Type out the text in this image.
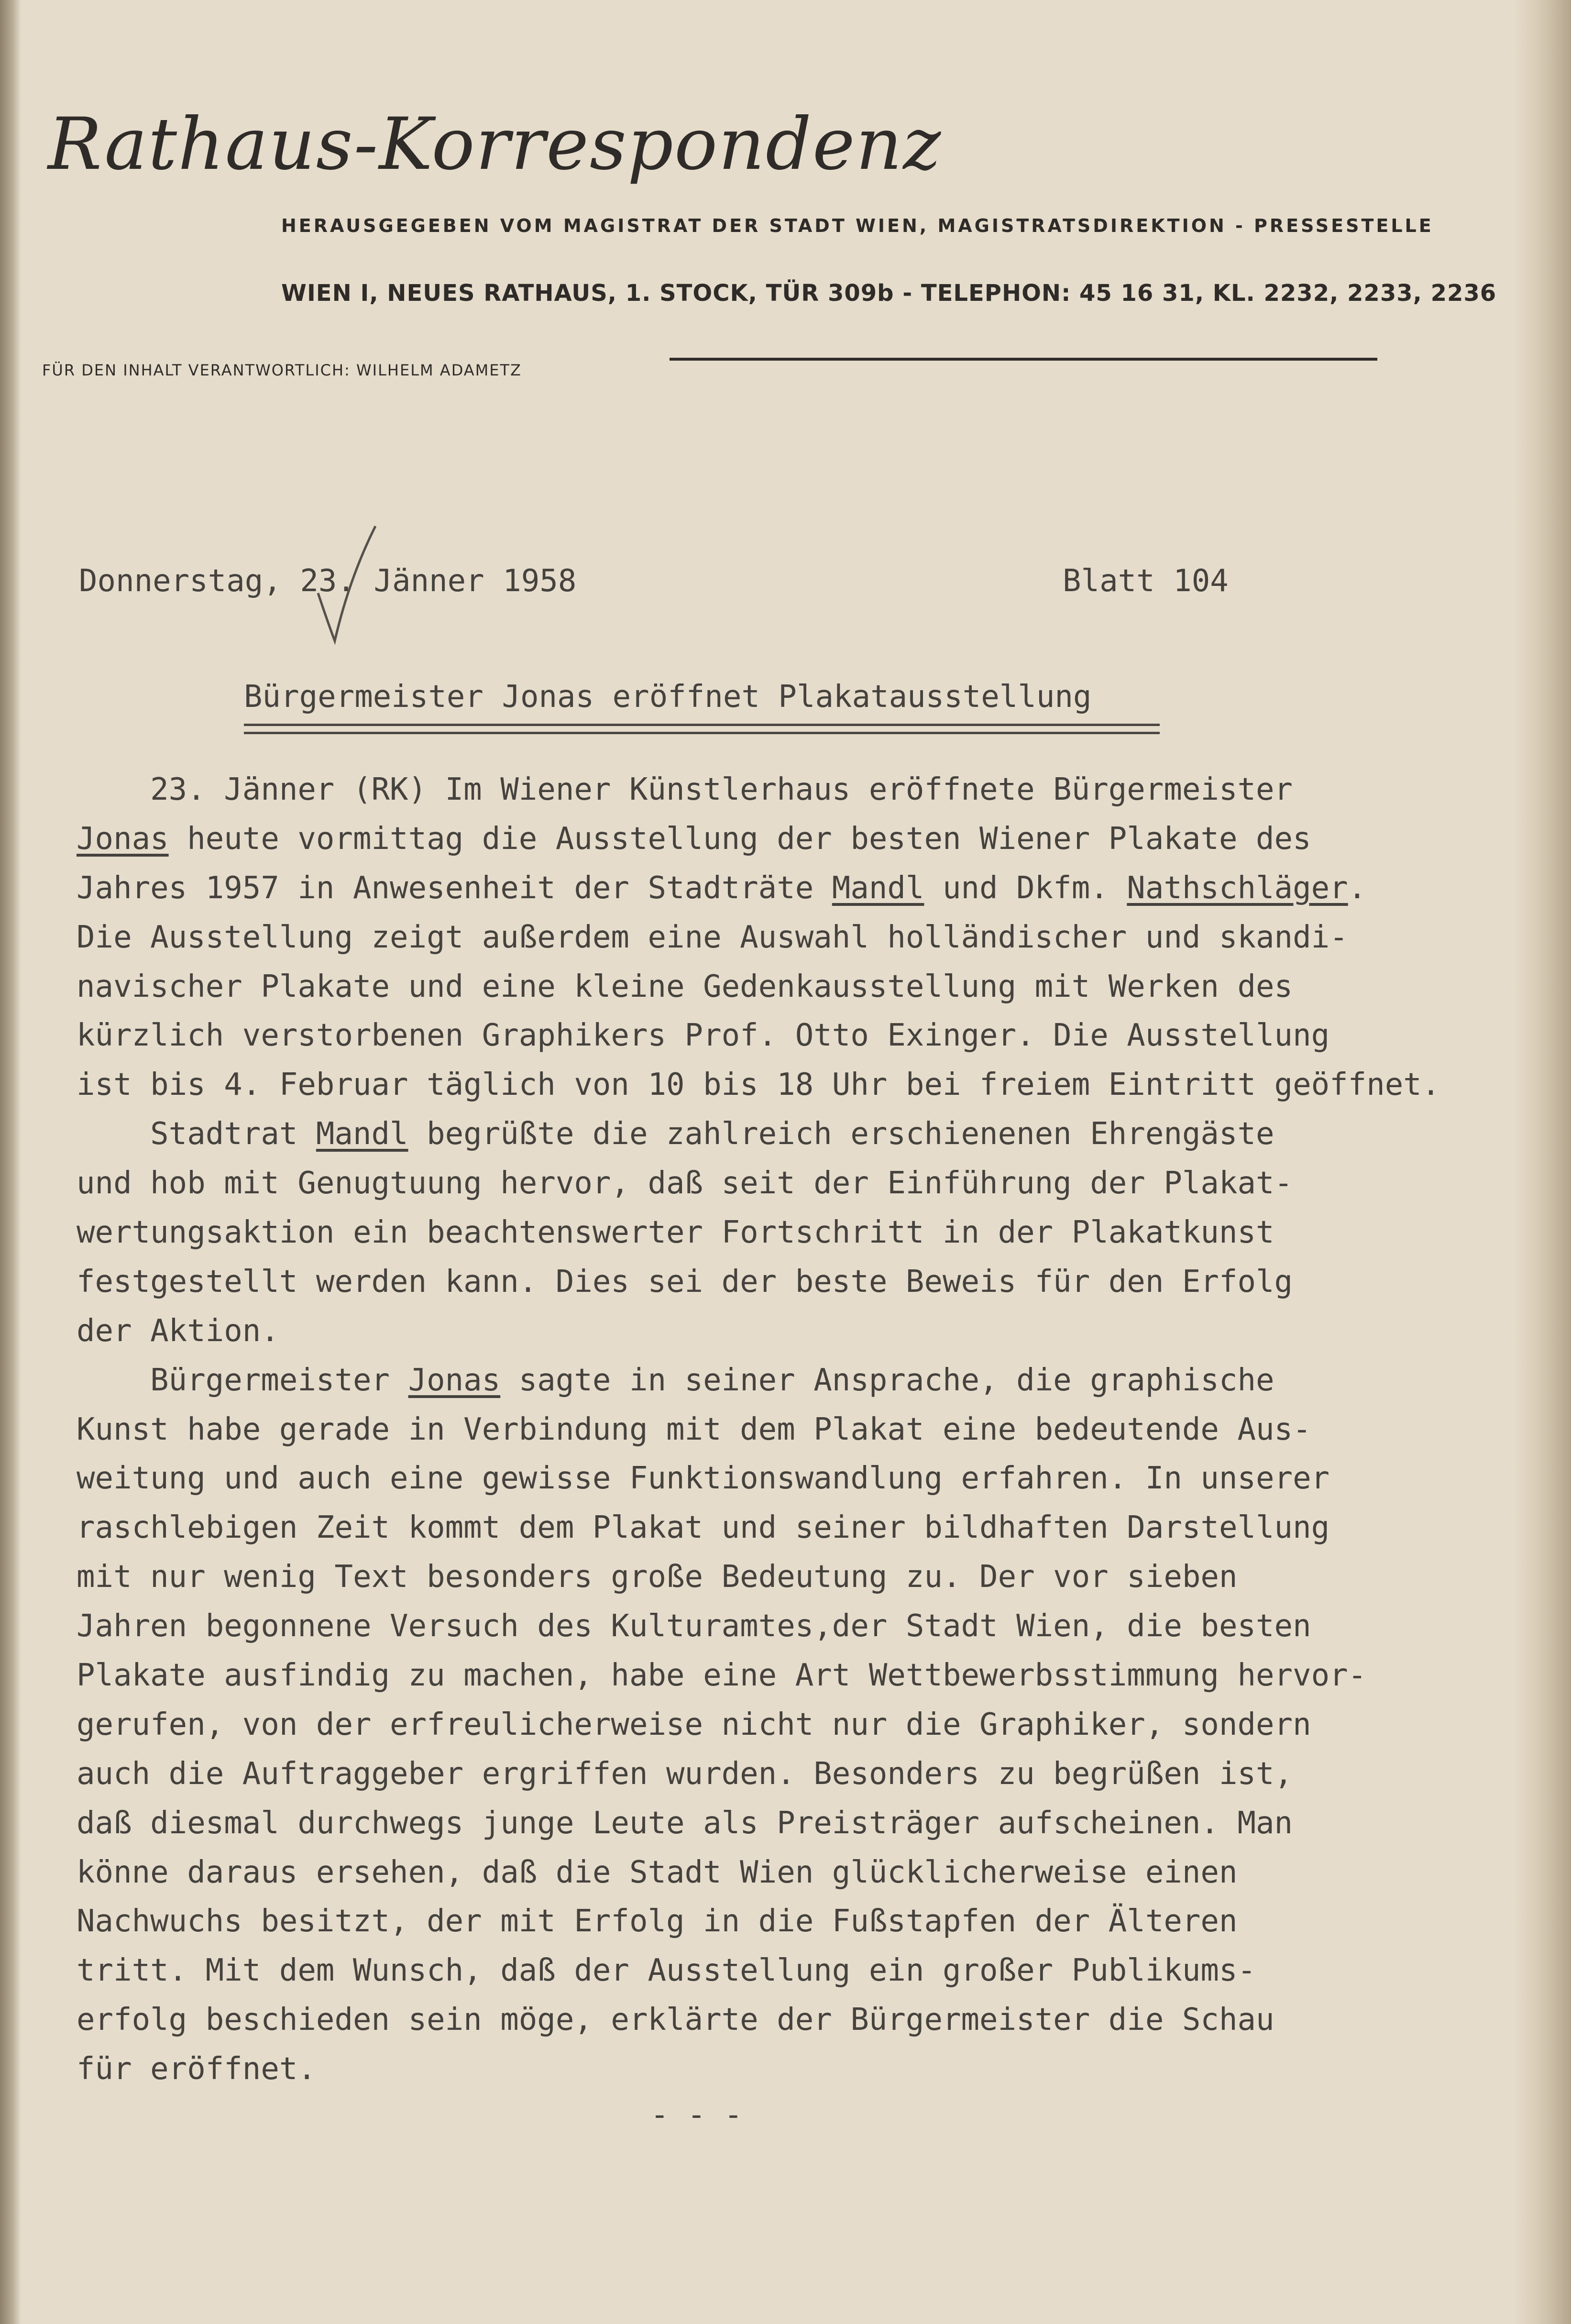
Rathaus-Korrespondenz
HERAUSGEGEBEN VOM MAGISTRAT DER STADT WIEN, MAGISTRATSDIREKTION - PRESSESTELLE
WIEN I, NEUES RATHAUS, 1. STOCK, TÜR 309b - TELEPHON: 45 16 31, KL. 2232, 2233, 2236
FÜR DEN INHALT VERANTWORTLICH: WILHELM ADAMETZ
Donnerstag, 23. Jänner 1958	Blatt 104
Bürgermeister Jonas eröffnet Plakatausstellung
23. Jänner (RK) Im Wiener Künstlerhaus eröffnete Bürgermeister
Jonas heute vormittag die Ausstellung der besten Wiener Plakate des
Jahres 1957 in Anwesenheit der Stadträte Mandl und Dkfm. Nathschläger.
Die Ausstellung zeigt außerdem eine Auswahl holländischer und skandi-
navischer Plakate und eine kleine Gedenkausstellung mit Werken des
kürzlich verstorbenen Graphikers Prof. Otto Exinger. Die Ausstellung
ist bis 4. Februar täglich von 10 bis 18 Uhr bei freiem Eintritt geöffnet.
Stadtrat Mandl begrüßte die zahlreich erschienenen Ehrengäste
und hob mit Genugtuung hervor, daß seit der Einführung der Plakat-
wertungsaktion ein beachtenswerter Fortschritt in der Plakatkunst
festgestellt werden kann. Dies sei der beste Beweis für den Erfolg
der Aktion.
Bürgermeister Jonas sagte in seiner Ansprache, die graphische
Kunst habe gerade in Verbindung mit dem Plakat eine bedeutende Aus-
weitung und auch eine gewisse Funktionswandlung erfahren. In unserer
raschlebigen Zeit kommt dem Plakat und seiner bildhaften Darstellung
mit nur wenig Text besonders große Bedeutung zu. Der vor sieben
Jahren begonnene Versuch des Kulturamtes,der Stadt Wien, die besten
Plakate ausfindig zu machen, habe eine Art Wettbewerbsstimmung hervor-
gerufen, von der erfreulicherweise nicht nur die Graphiker, sondern
auch die Auftraggeber ergriffen wurden. Besonders zu begrüßen ist,
daß diesmal durchwegs junge Leute als Preisträger aufscheinen. Man
könne daraus ersehen, daß die Stadt Wien glücklicherweise einen
Nachwuchs besitzt, der mit Erfolg in die Fußstapfen der Älteren
tritt. Mit dem Wunsch, daß der Ausstellung ein großer Publikums-
erfolg beschieden sein möge, erklärte der Bürgermeister die Schau
für eröffnet.
- - -
